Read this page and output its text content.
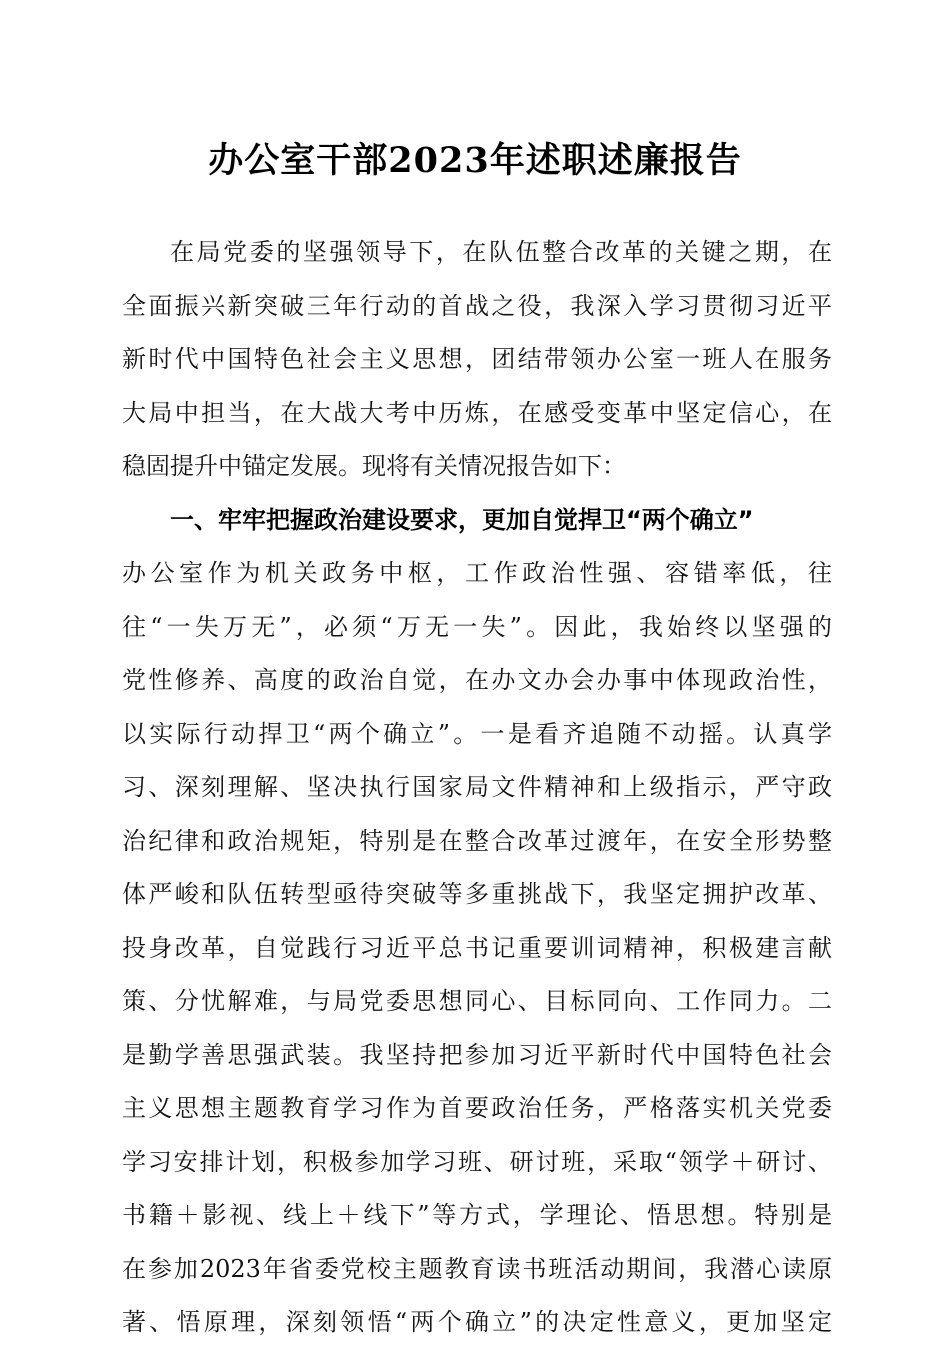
办公室干部2023年述职述廉报告
在局党委的坚强领导下，在队伍整合改革的关键之期，在
全面振兴新突破三年行动的首战之役，我深入学习贯彻习近平
新时代中国特色社会主义思想，团结带领办公室一班人在服务
大局中担当，在大战大考中历炼，在感受变革中坚定信心，在
稳固提升中锚定发展。现将有关情况报告如下：
一、牢牢把握政治建设要求，更加自觉捍卫“两个确立”
办公室作为机关政务中枢，工作政治性强、容错率低，往
往“一失万无”，必须“万无一失”。因此，我始终以坚强的
党性修养、高度的政治自觉，在办文办会办事中体现政治性，
以实际行动捍卫“两个确立”。一是看齐追随不动摇。认真学
习、深刻理解、坚决执行国家局文件精神和上级指示，严守政
治纪律和政治规矩，特别是在整合改革过渡年，在安全形势整
体严峻和队伍转型亟待突破等多重挑战下，我坚定拥护改革、
投身改革，自觉践行习近平总书记重要训词精神，积极建言献
策、分忧解难，与局党委思想同心、目标同向、工作同力。二
是勤学善思强武装。我坚持把参加习近平新时代中国特色社会
主义思想主题教育学习作为首要政治任务，严格落实机关党委
学习安排计划，积极参加学习班、研讨班，采取“领学＋研讨、
书籍＋影视、线上＋线下”等方式，学理论、悟思想。特别是
在参加2023年省委党校主题教育读书班活动期间，我潜心读原
著、悟原理，深刻领悟“两个确立”的决定性意义，更加坚定
